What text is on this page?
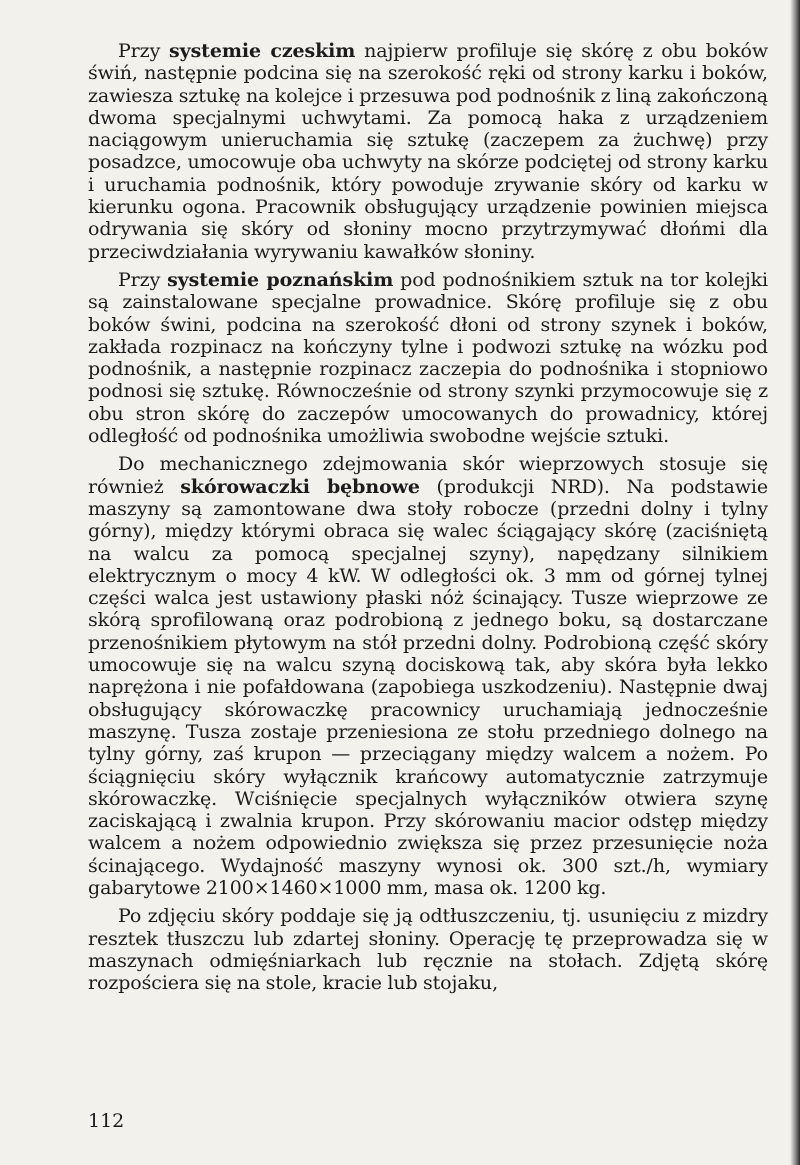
Przy systemie czeskim najpierw profiluje się skórę z obu boków świń, następnie podcina się na szerokość ręki od strony karku i boków, zawiesza sztukę na kolejce i przesuwa pod podnośnik z liną zakończoną dwoma specjalnymi uchwytami. Za pomocą haka z urządzeniem naciągowym unieruchamia się sztukę (zaczepem za żuchwę) przy posadzce, umocowuje oba uchwyty na skórze podciętej od strony karku i uruchamia podnośnik, który powoduje zrywanie skóry od karku w kierunku ogona. Pracownik obsługujący urządzenie powinien miejsca odrywania się skóry od słoniny mocno przytrzymywać dłońmi dla przeciwdziałania wyrywaniu kawałków słoniny.

Przy systemie poznańskim pod podnośnikiem sztuk na tor kolejki są zainstalowane specjalne prowadnice. Skórę profiluje się z obu boków świni, podcina na szerokość dłoni od strony szynek i boków, zakłada rozpinacz na kończyny tylne i podwozi sztukę na wózku pod podnośnik, a następnie rozpinacz zaczepia do podnośnika i stopniowo podnosi się sztukę. Równocześnie od strony szynki przymocowuje się z obu stron skórę do zaczepów umocowanych do prowadnicy, której odległość od podnośnika umożliwia swobodne wejście sztuki.

Do mechanicznego zdejmowania skór wieprzowych stosuje się również skórowaczki bębnowe (produkcji NRD). Na podstawie maszyny są zamontowane dwa stoły robocze (przedni dolny i tylny górny), między którymi obraca się walec ściągający skórę (zaciśniętą na walcu za pomocą specjalnej szyny), napędzany silnikiem elektrycznym o mocy 4 kW. W odległości ok. 3 mm od górnej tylnej części walca jest ustawiony płaski nóż ścinający. Tusze wieprzowe ze skórą sprofilowaną oraz podrobioną z jednego boku, są dostarczane przenośnikiem płytowym na stół przedni dolny. Podrobioną część skóry umocowuje się na walcu szyną dociskową tak, aby skóra była lekko naprężona i nie pofałdowana (zapobiega uszkodzeniu). Następnie dwaj obsługujący skórowaczkę pracownicy uruchamiają jednocześnie maszynę. Tusza zostaje przeniesiona ze stołu przedniego dolnego na tylny górny, zaś krupon — przeciągany między walcem a nożem. Po ściągnięciu skóry wyłącznik krańcowy automatycznie zatrzymuje skórowaczkę. Wciśnięcie specjalnych wyłączników otwiera szynę zaciskającą i zwalnia krupon. Przy skórowaniu macior odstęp między walcem a nożem odpowiednio zwiększa się przez przesunięcie noża ścinającego. Wydajność maszyny wynosi ok. 300 szt./h, wymiary gabarytowe 2100×1460×1000 mm, masa ok. 1200 kg.

Po zdjęciu skóry poddaje się ją odtłuszczeniu, tj. usunięciu z mizdry resztek tłuszczu lub zdartej słoniny. Operację tę przeprowadza się w maszynach odmięśniarkach lub ręcznie na stołach. Zdjętą skórę rozpościera się na stole, kracie lub stojaku,

112
